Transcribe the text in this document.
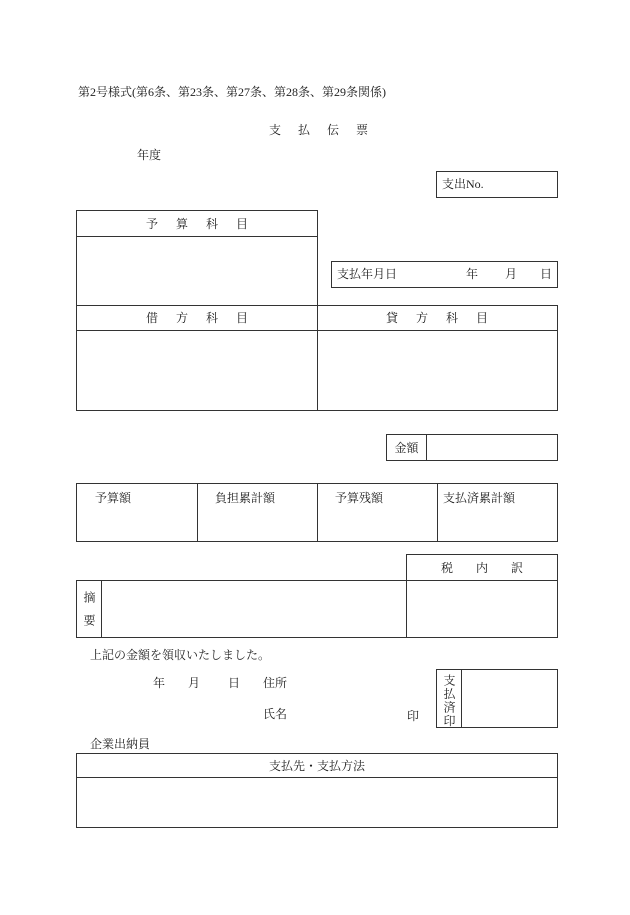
第2号様式(第6条、第23条、第27条、第28条、第29条関係)
支　払　伝　票
年度
支出No.
予　算　科　目
支払年月日	年 月 日
借　方　科　目	貸　方　科　目
金額
予算額	負担累計額	予算残額	支払済累計額
税　内　訳
摘要
上記の金額を領収いたしました。
年 月 日 住所
氏名	印 支払済印
企業出納員
支払先・支払方法
